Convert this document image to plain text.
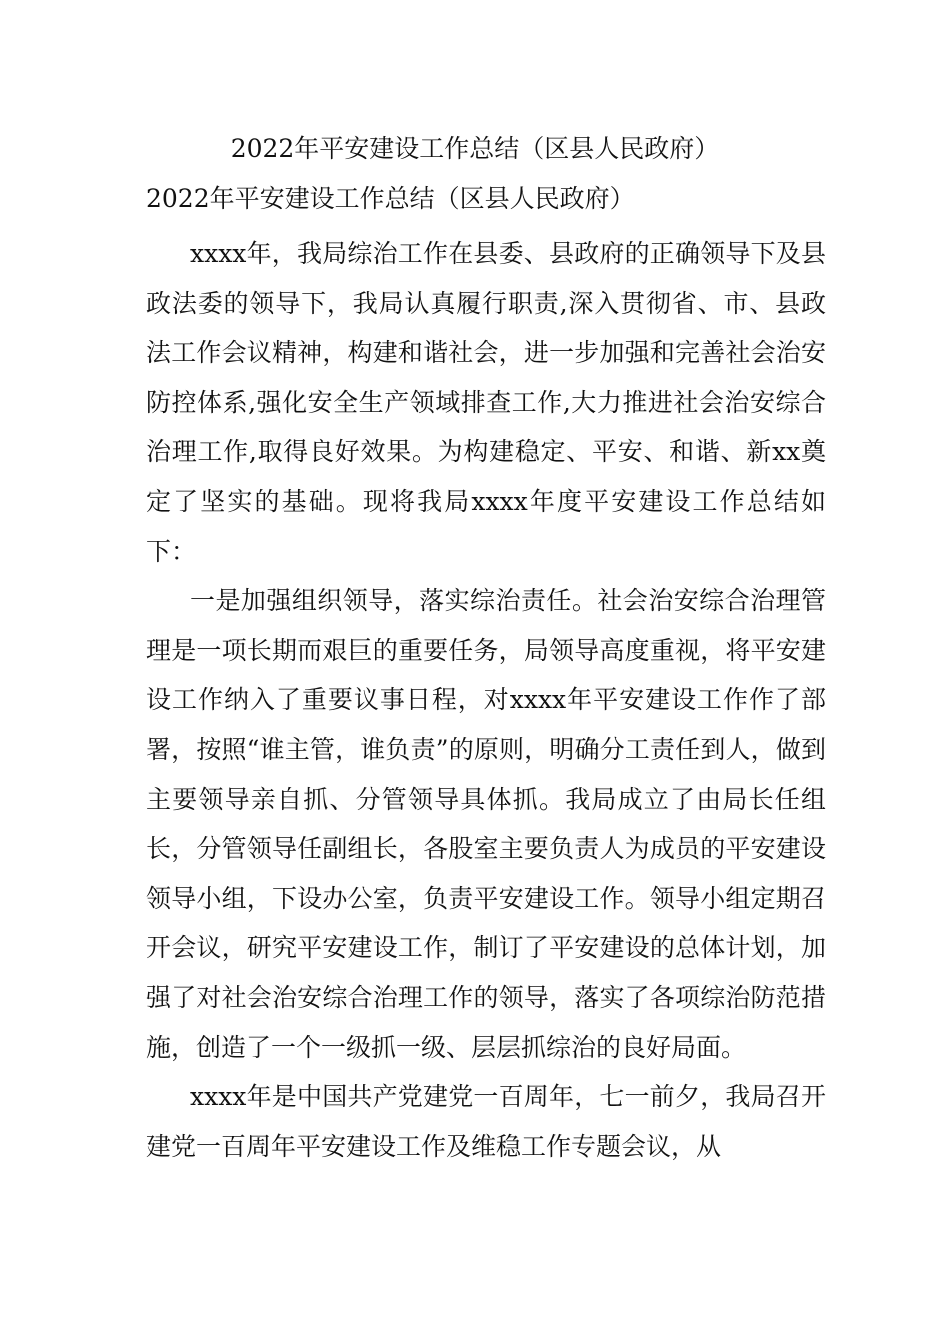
2022年平安建设工作总结（区县人民政府）
2022年平安建设工作总结（区县人民政府）

xxxx年，我局综治工作在县委、县政府的正确领导下及县政法委的领导下，我局认真履行职责,深入贯彻省、市、县政法工作会议精神，构建和谐社会，进一步加强和完善社会治安防控体系,强化安全生产领域排查工作,大力推进社会治安综合治理工作,取得良好效果。为构建稳定、平安、和谐、新xx奠定了坚实的基础。现将我局xxxx年度平安建设工作总结如下：

一是加强组织领导，落实综治责任。社会治安综合治理管理是一项长期而艰巨的重要任务，局领导高度重视，将平安建设工作纳入了重要议事日程，对xxxx年平安建设工作作了部署，按照“谁主管，谁负责”的原则，明确分工责任到人，做到主要领导亲自抓、分管领导具体抓。我局成立了由局长任组长，分管领导任副组长，各股室主要负责人为成员的平安建设领导小组，下设办公室，负责平安建设工作。领导小组定期召开会议，研究平安建设工作，制订了平安建设的总体计划，加强了对社会治安综合治理工作的领导，落实了各项综治防范措施，创造了一个一级抓一级、层层抓综治的良好局面。

xxxx年是中国共产党建党一百周年，七一前夕，我局召开建党一百周年平安建设工作及维稳工作专题会议，从
